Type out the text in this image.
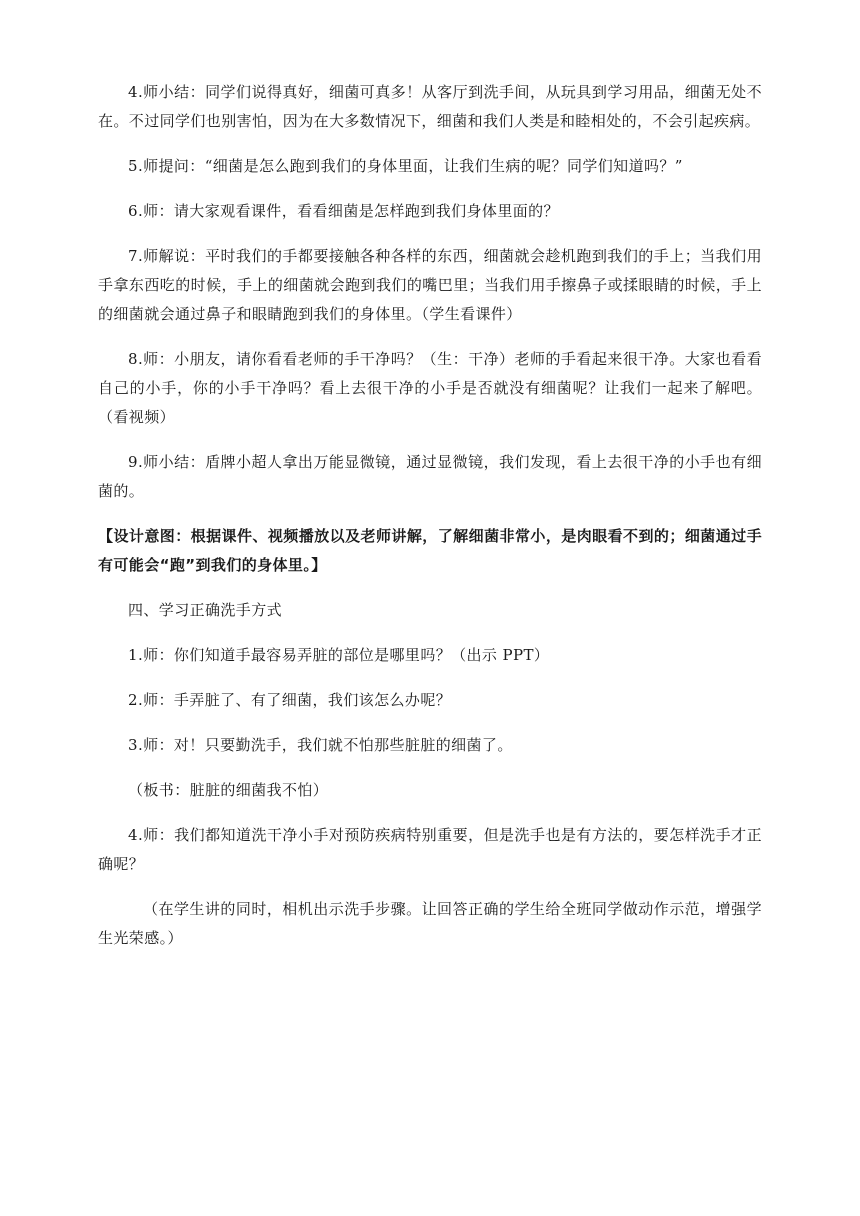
4.师小结：同学们说得真好，细菌可真多！从客厅到洗手间，从玩具到学习用品，细菌无处不在。不过同学们也别害怕，因为在大多数情况下，细菌和我们人类是和睦相处的，不会引起疾病。

5.师提问：“细菌是怎么跑到我们的身体里面，让我们生病的呢？同学们知道吗？”

6.师：请大家观看课件，看看细菌是怎样跑到我们身体里面的？

7.师解说：平时我们的手都要接触各种各样的东西，细菌就会趁机跑到我们的手上；当我们用手拿东西吃的时候，手上的细菌就会跑到我们的嘴巴里；当我们用手擦鼻子或揉眼睛的时候，手上的细菌就会通过鼻子和眼睛跑到我们的身体里。（学生看课件）

8.师：小朋友，请你看看老师的手干净吗？（生：干净）老师的手看起来很干净。大家也看看自己的小手，你的小手干净吗？看上去很干净的小手是否就没有细菌呢？让我们一起来了解吧。（看视频）

9.师小结：盾牌小超人拿出万能显微镜，通过显微镜，我们发现，看上去很干净的小手也有细菌的。

【设计意图：根据课件、视频播放以及老师讲解，了解细菌非常小，是肉眼看不到的；细菌通过手有可能会“跑”到我们的身体里。】

四、学习正确洗手方式

1.师：你们知道手最容易弄脏的部位是哪里吗？（出示 PPT）

2.师：手弄脏了、有了细菌，我们该怎么办呢？

3.师：对！只要勤洗手，我们就不怕那些脏脏的细菌了。

（板书：脏脏的细菌我不怕）

4.师：我们都知道洗干净小手对预防疾病特别重要，但是洗手也是有方法的，要怎样洗手才正确呢？

（在学生讲的同时，相机出示洗手步骤。让回答正确的学生给全班同学做动作示范，增强学生光荣感。）
